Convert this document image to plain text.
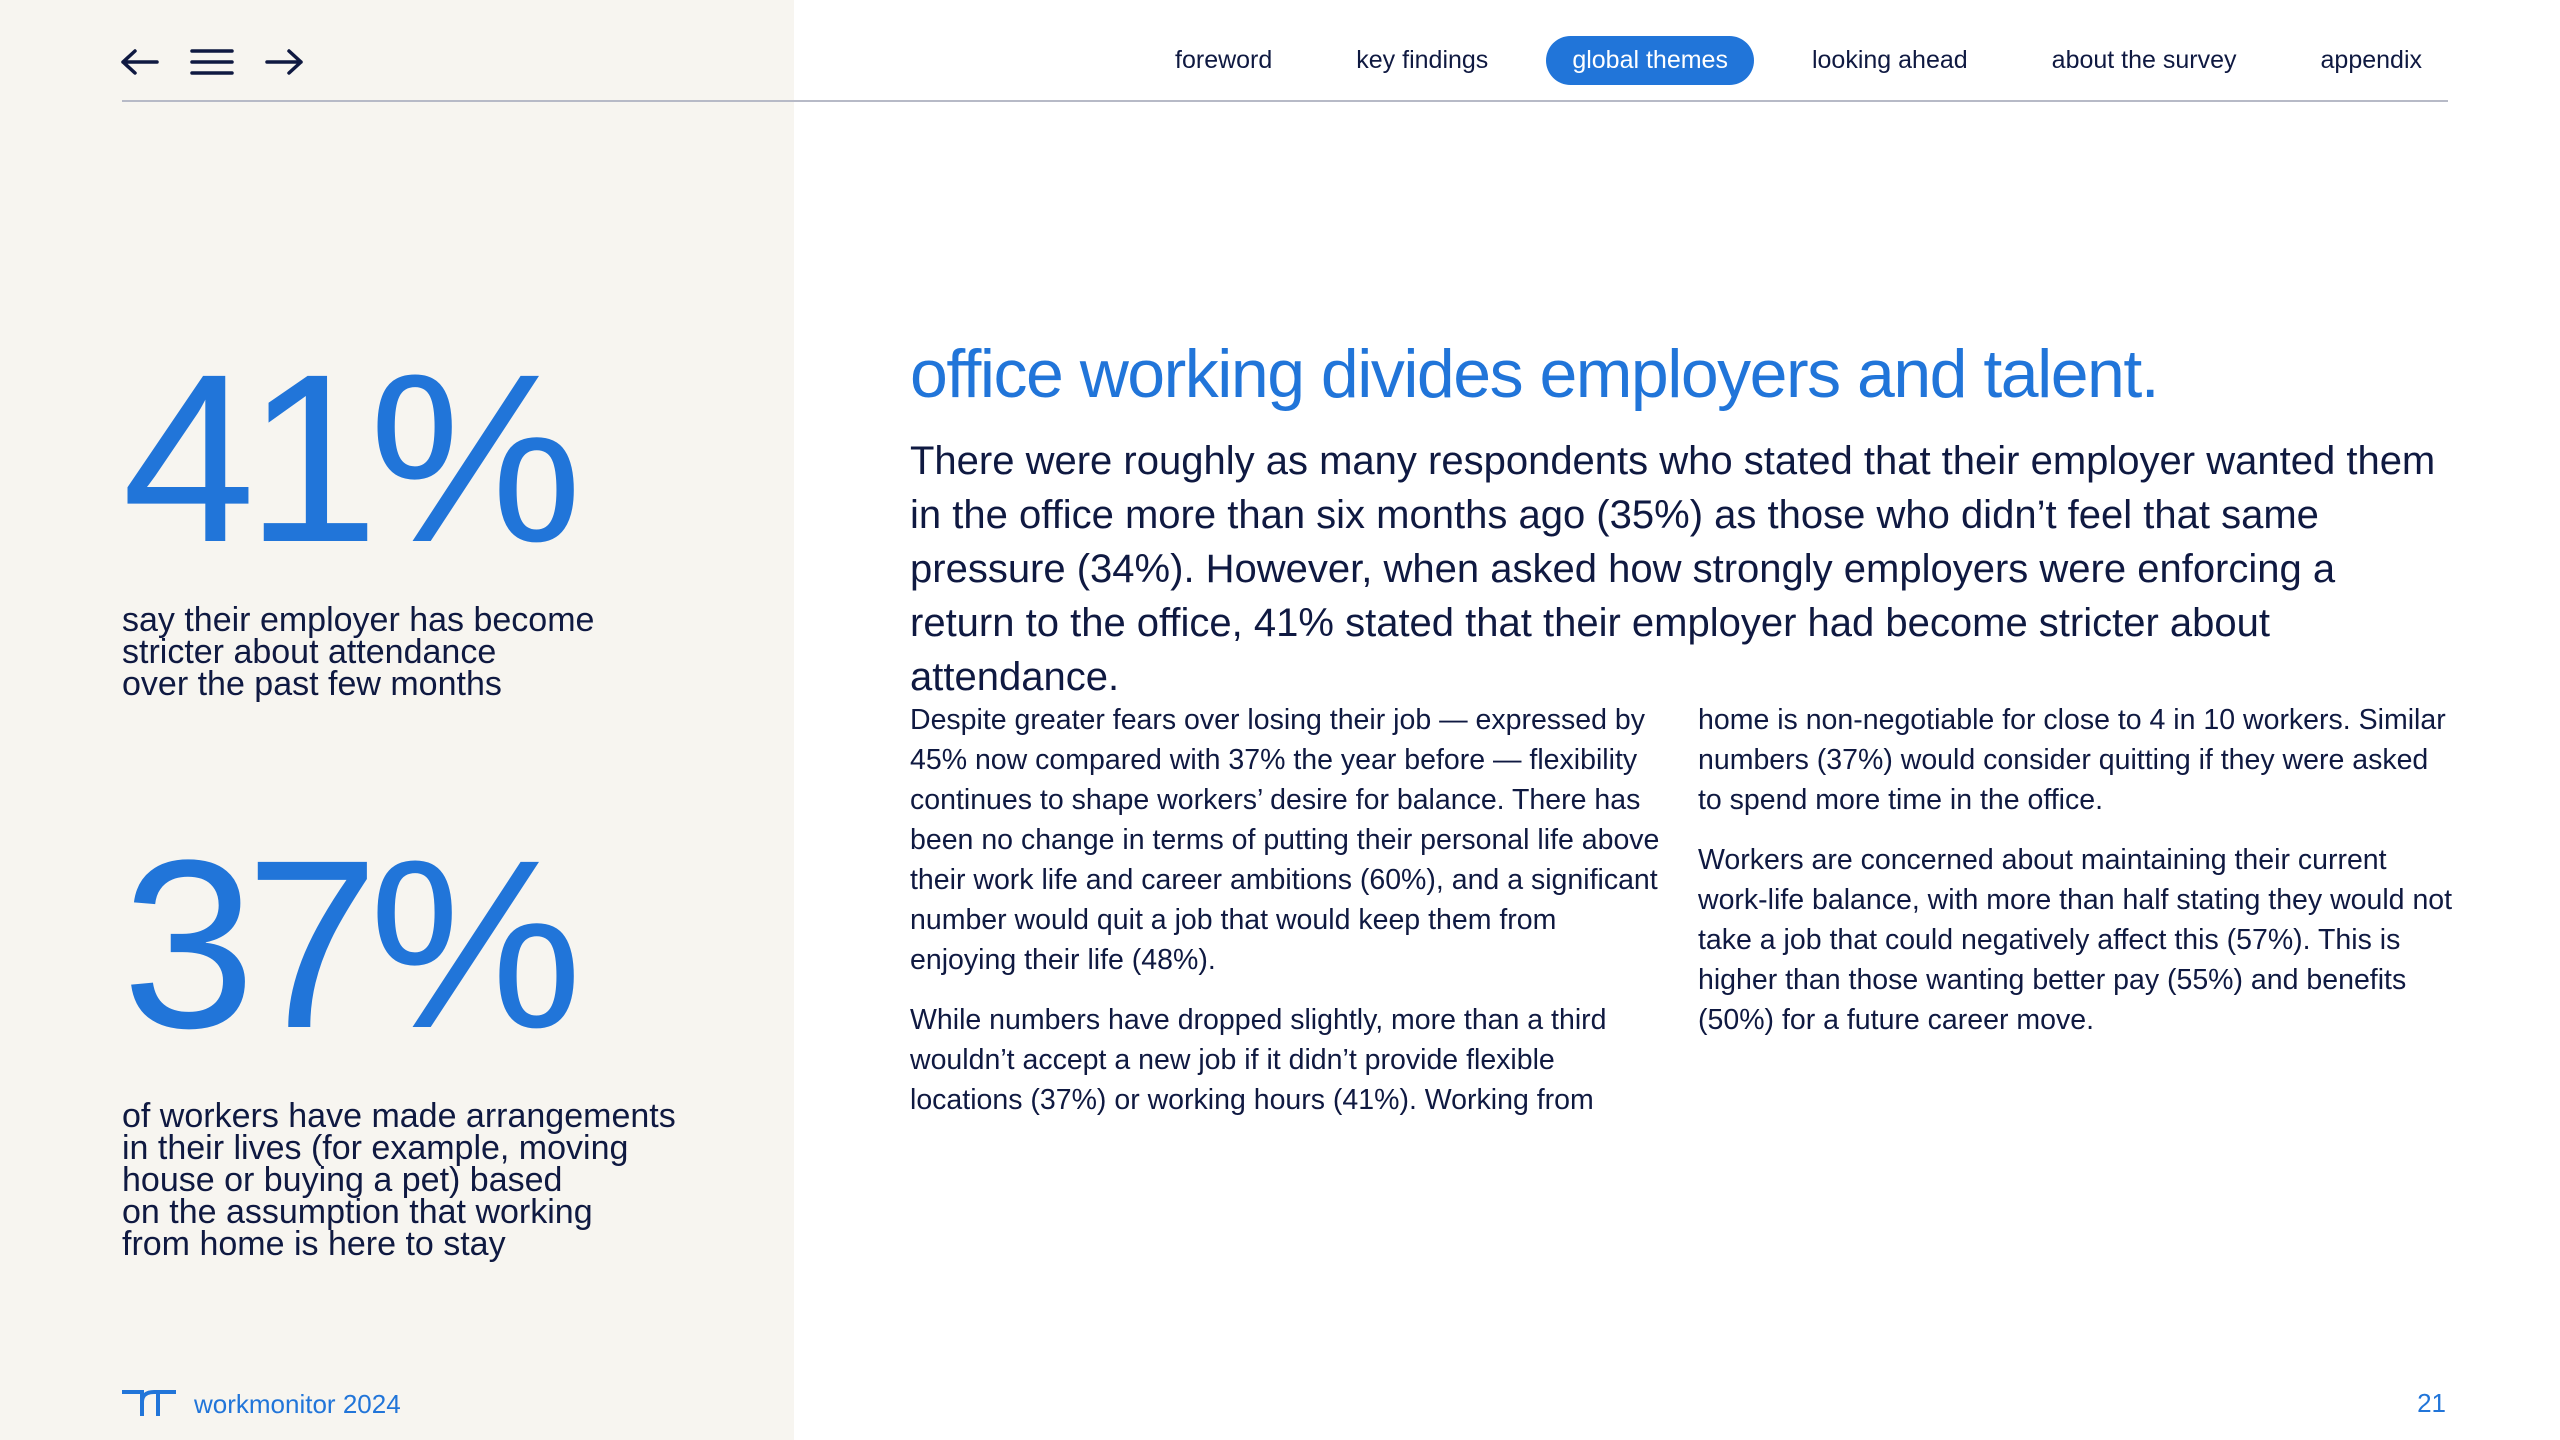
foreword	key findings	global themes	looking ahead	about the survey	appendix
41%
say their employer has become
stricter about attendance
over the past few months
37%
of workers have made arrangements
in their lives (for example, moving
house or buying a pet) based
on the assumption that working
from home is here to stay
office working divides employers and talent.
There were roughly as many respondents who stated that their employer wanted them in the office more than six months ago (35%) as those who didn’t feel that same pressure (34%). However, when asked how strongly employers were enforcing a return to the office, 41% stated that their employer had become stricter about attendance.

Despite greater fears over losing their job — expressed by 45% now compared with 37% the year before — flexibility continues to shape workers’ desire for balance. There has been no change in terms of putting their personal life above their work life and career ambitions (60%), and a significant number would quit a job that would keep them from enjoying their life (48%).

While numbers have dropped slightly, more than a third wouldn’t accept a new job if it didn’t provide flexible locations (37%) or working hours (41%). Working from

home is non-negotiable for close to 4 in 10 workers. Similar numbers (37%) would consider quitting if they were asked to spend more time in the office.

Workers are concerned about maintaining their current work-life balance, with more than half stating they would not take a job that could negatively affect this (57%). This is higher than those wanting better pay (55%) and benefits (50%) for a future career move.

workmonitor 2024	21
